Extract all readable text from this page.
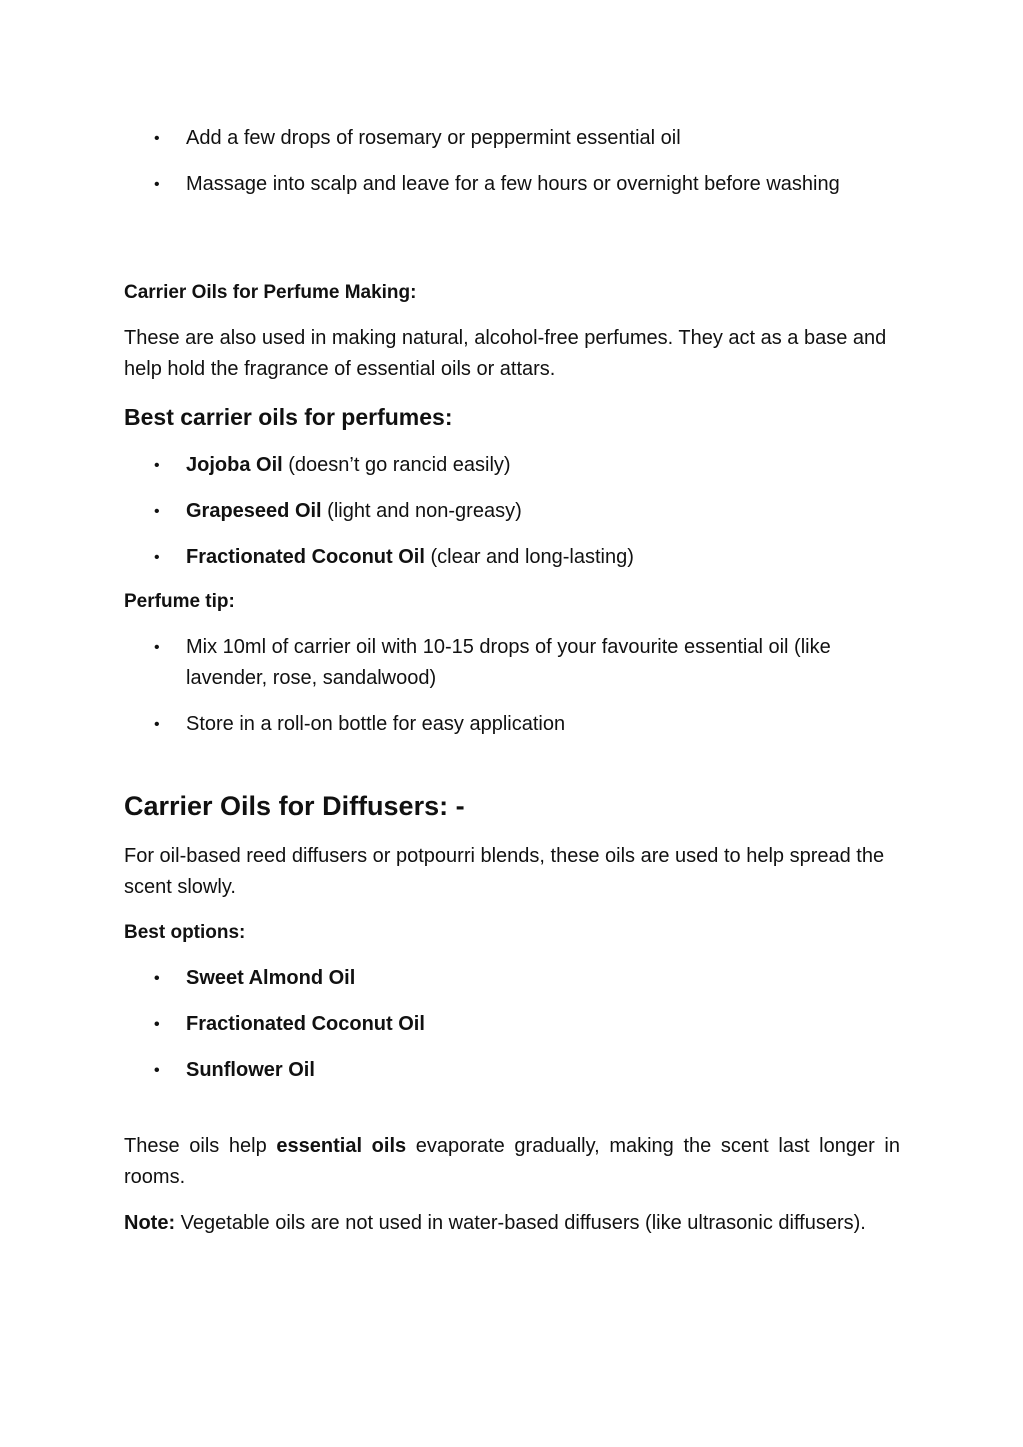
• Add a few drops of rosemary or peppermint essential oil
• Massage into scalp and leave for a few hours or overnight before washing

Carrier Oils for Perfume Making:

These are also used in making natural, alcohol-free perfumes. They act as a base and help hold the fragrance of essential oils or attars.

Best carrier oils for perfumes:

• Jojoba Oil (doesn’t go rancid easily)
• Grapeseed Oil (light and non-greasy)
• Fractionated Coconut Oil (clear and long-lasting)

Perfume tip:

• Mix 10ml of carrier oil with 10-15 drops of your favourite essential oil (like lavender, rose, sandalwood)
• Store in a roll-on bottle for easy application

Carrier Oils for Diffusers: -

For oil-based reed diffusers or potpourri blends, these oils are used to help spread the scent slowly.

Best options:

• Sweet Almond Oil
• Fractionated Coconut Oil
• Sunflower Oil

These oils help essential oils evaporate gradually, making the scent last longer in rooms.

Note: Vegetable oils are not used in water-based diffusers (like ultrasonic diffusers).
